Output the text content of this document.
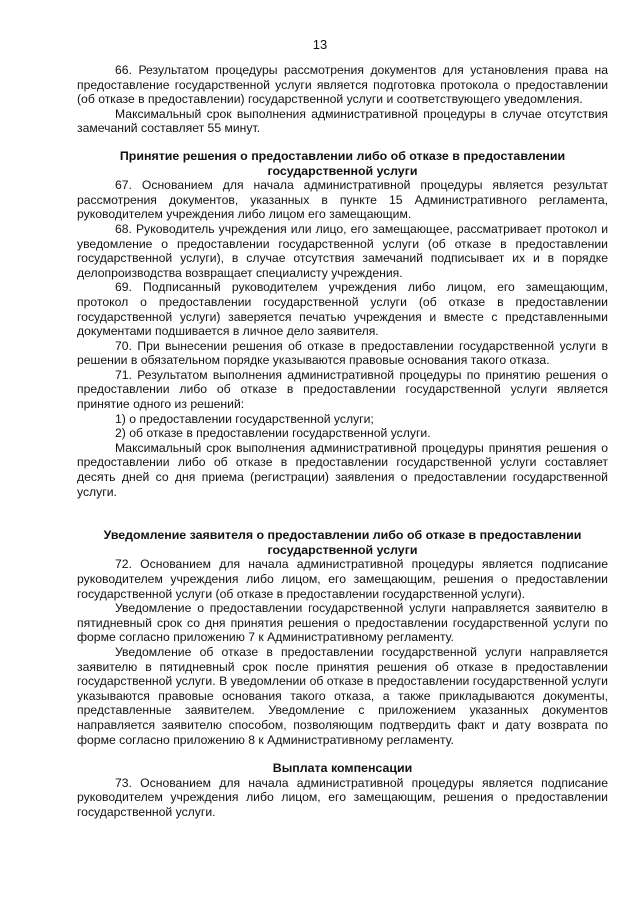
13

66. Результатом процедуры рассмотрения документов для установления права на предоставление государственной услуги является подготовка протокола о предоставлении (об отказе в предоставлении) государственной услуги и соответствующего уведомления.

Максимальный срок выполнения административной процедуры в случае отсутствия замечаний составляет 55 минут.

Принятие решения о предоставлении либо об отказе в предоставлении государственной услуги

67. Основанием для начала административной процедуры является результат рассмотрения документов, указанных в пункте 15 Административного регламента, руководителем учреждения либо лицом его замещающим.

68. Руководитель учреждения или лицо, его замещающее, рассматривает протокол и уведомление о предоставлении государственной услуги (об отказе в предоставлении государственной услуги), в случае отсутствия замечаний подписывает их и в порядке делопроизводства возвращает специалисту учреждения.

69. Подписанный руководителем учреждения либо лицом, его замещающим, протокол о предоставлении государственной услуги (об отказе в предоставлении государственной услуги) заверяется печатью учреждения и вместе с представленными документами подшивается в личное дело заявителя.

70. При вынесении решения об отказе в предоставлении государственной услуги в решении в обязательном порядке указываются правовые основания такого отказа.

71. Результатом выполнения административной процедуры по принятию решения о предоставлении либо об отказе в предоставлении государственной услуги является принятие одного из решений:

1) о предоставлении государственной услуги;

2) об отказе в предоставлении государственной услуги.

Максимальный срок выполнения административной процедуры принятия решения о предоставлении либо об отказе в предоставлении государственной услуги составляет десять дней со дня приема (регистрации) заявления о предоставлении государственной услуги.

Уведомление заявителя о предоставлении либо об отказе в предоставлении государственной услуги

72. Основанием для начала административной процедуры является подписание руководителем учреждения либо лицом, его замещающим, решения о предоставлении государственной услуги (об отказе в предоставлении государственной услуги).

Уведомление о предоставлении государственной услуги направляется заявителю в пятидневный срок со дня принятия решения о предоставлении государственной услуги по форме согласно приложению 7 к Административному регламенту.

Уведомление об отказе в предоставлении государственной услуги направляется заявителю в пятидневный срок после принятия решения об отказе в предоставлении государственной услуги. В уведомлении об отказе в предоставлении государственной услуги указываются правовые основания такого отказа, а также прикладываются документы, представленные заявителем. Уведомление с приложением указанных документов направляется заявителю способом, позволяющим подтвердить факт и дату возврата по форме согласно приложению 8 к Административному регламенту.

Выплата компенсации

73. Основанием для начала административной процедуры является подписание руководителем учреждения либо лицом, его замещающим, решения о предоставлении государственной услуги.
